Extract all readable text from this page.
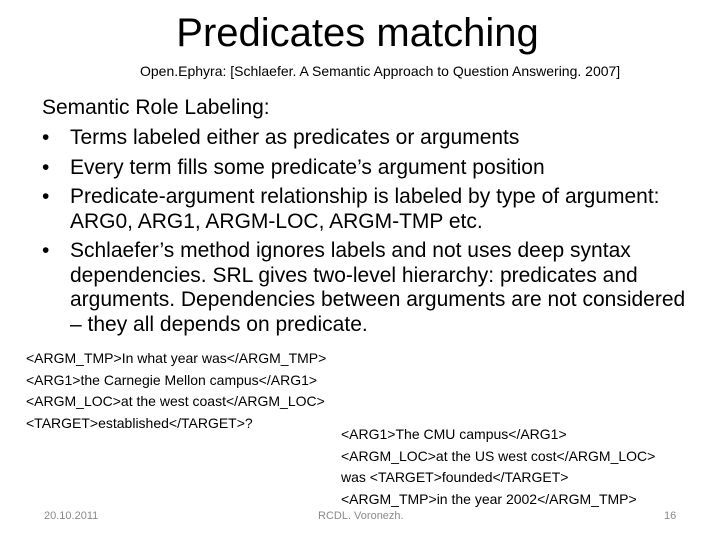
Predicates matching
Open.Ephyra: [Schlaefer. A Semantic Approach to Question Answering. 2007]
Semantic Role Labeling:
• Terms labeled either as predicates or arguments
• Every term fills some predicate’s argument position
• Predicate-argument relationship is labeled by type of argument: ARG0, ARG1, ARGM-LOC, ARGM-TMP etc.
• Schlaefer’s method ignores labels and not uses deep syntax dependencies. SRL gives two-level hierarchy: predicates and arguments. Dependencies between arguments are not considered – they all depends on predicate.
<ARGM_TMP>In what year was</ARGM_TMP>
<ARG1>the Carnegie Mellon campus</ARG1>
<ARGM_LOC>at the west coast</ARGM_LOC>
<TARGET>established</TARGET>?
<ARG1>The CMU campus</ARG1>
<ARGM_LOC>at the US west cost</ARGM_LOC>
was <TARGET>founded</TARGET>
<ARGM_TMP>in the year 2002</ARGM_TMP>
20.10.2011	RCDL. Voronezh.	16
